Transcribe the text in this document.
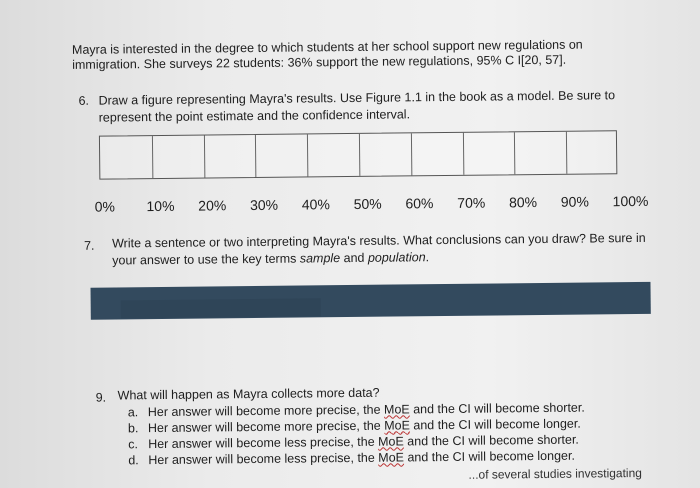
Mayra is interested in the degree to which students at her school support new regulations on
immigration. She surveys 22 students: 36% support the new regulations, 95% C I[20, 57].
6. Draw a figure representing Mayra's results. Use Figure 1.1 in the book as a model. Be sure to
represent the point estimate and the confidence interval.
0% 10% 20% 30% 40% 50% 60% 70% 80% 90% 100%
7. Write a sentence or two interpreting Mayra's results. What conclusions can you draw? Be sure in
your answer to use the key terms sample and population.
9. What will happen as Mayra collects more data?
a. Her answer will become more precise, the MoE and the CI will become shorter.
b. Her answer will become more precise, the MoE and the CI will become longer.
c. Her answer will become less precise, the MoE and the CI will become shorter.
d. Her answer will become less precise, the MoE and the CI will become longer.
...of several studies investigating
